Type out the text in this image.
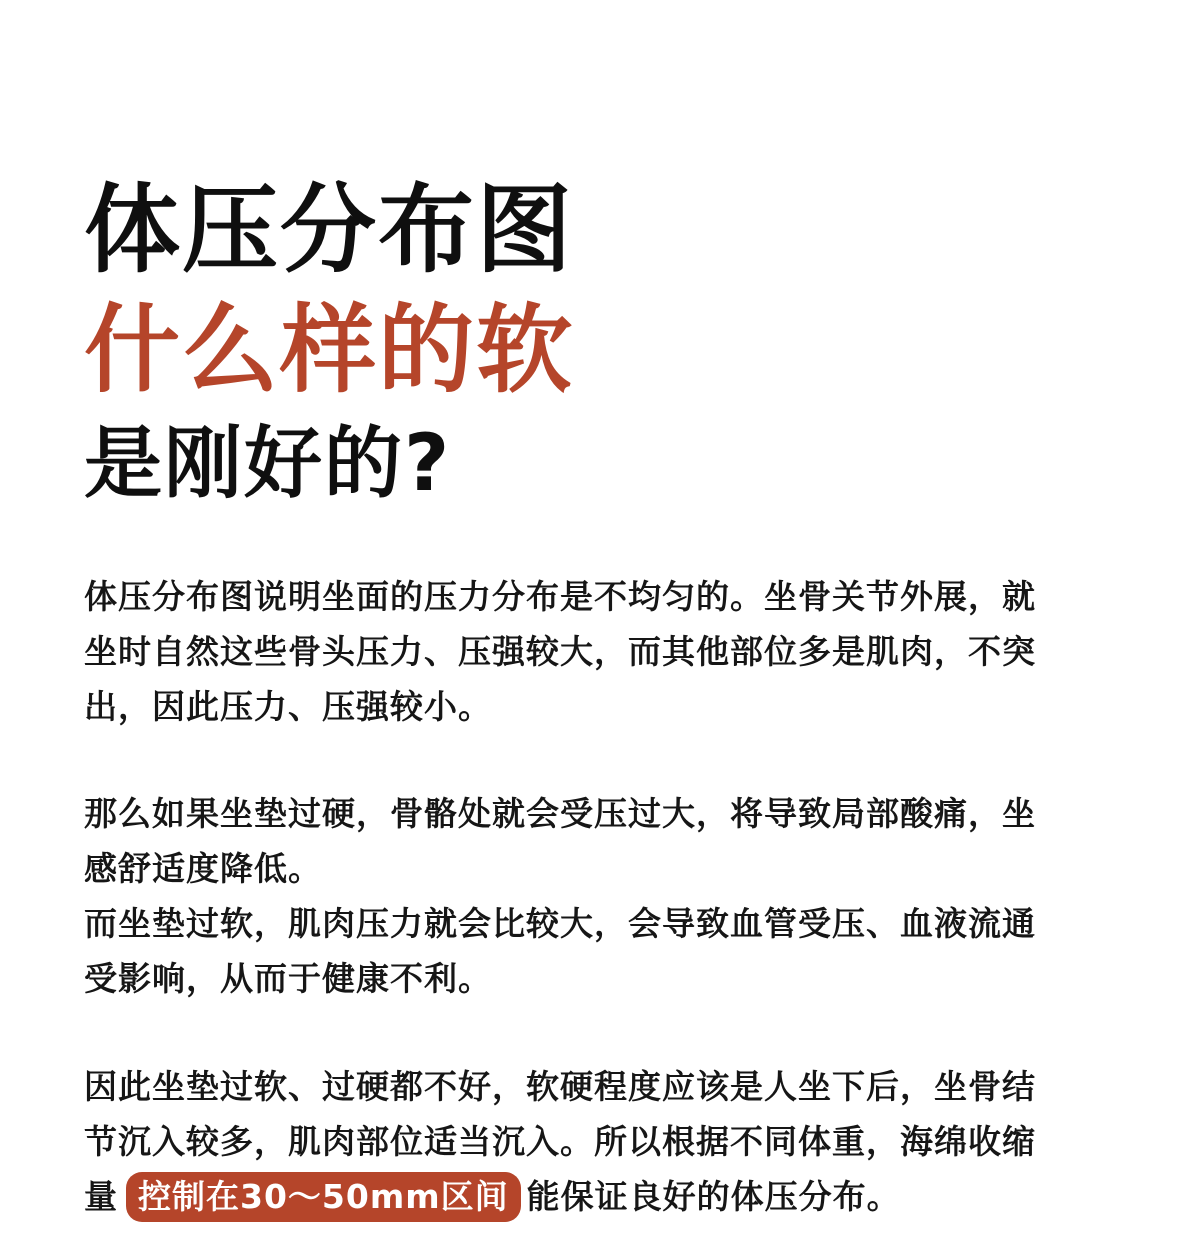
体压分布图
什么样的软
是刚好的?
体压分布图说明坐面的压力分布是不均匀的。坐骨关节外展，就
坐时自然这些骨头压力、压强较大，而其他部位多是肌肉，不突
出，因此压力、压强较小。
那么如果坐垫过硬，骨骼处就会受压过大，将导致局部酸痛，坐
感舒适度降低。
而坐垫过软，肌肉压力就会比较大，会导致血管受压、血液流通
受影响，从而于健康不利。
因此坐垫过软、过硬都不好，软硬程度应该是人坐下后，坐骨结
节沉入较多，肌肉部位适当沉入。所以根据不同体重，海绵收缩
量 控制在30～50mm区间 能保证良好的体压分布。
